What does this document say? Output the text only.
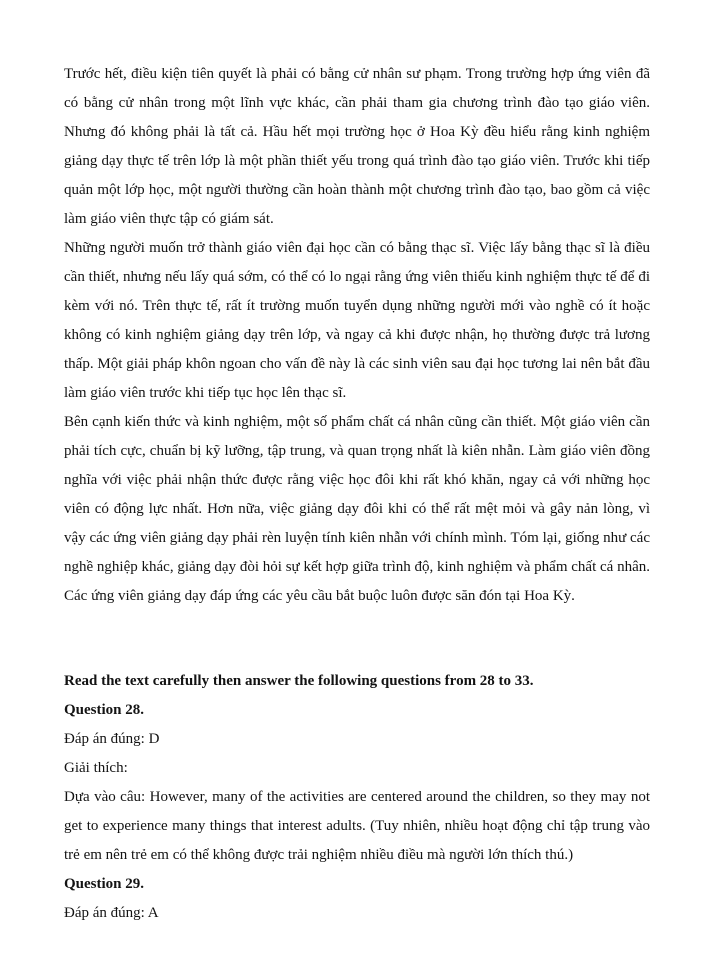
Trước hết, điều kiện tiên quyết là phải có bằng cử nhân sư phạm. Trong trường hợp ứng viên đã có bằng cử nhân trong một lĩnh vực khác, cần phải tham gia chương trình đào tạo giáo viên. Nhưng đó không phải là tất cả. Hầu hết mọi trường học ở Hoa Kỳ đều hiểu rằng kinh nghiệm giảng dạy thực tế trên lớp là một phần thiết yếu trong quá trình đào tạo giáo viên. Trước khi tiếp quản một lớp học, một người thường cần hoàn thành một chương trình đào tạo, bao gồm cả việc làm giáo viên thực tập có giám sát.

Những người muốn trở thành giáo viên đại học cần có bằng thạc sĩ. Việc lấy bằng thạc sĩ là điều cần thiết, nhưng nếu lấy quá sớm, có thể có lo ngại rằng ứng viên thiếu kinh nghiệm thực tế để đi kèm với nó. Trên thực tế, rất ít trường muốn tuyển dụng những người mới vào nghề có ít hoặc không có kinh nghiệm giảng dạy trên lớp, và ngay cả khi được nhận, họ thường được trả lương thấp. Một giải pháp khôn ngoan cho vấn đề này là các sinh viên sau đại học tương lai nên bắt đầu làm giáo viên trước khi tiếp tục học lên thạc sĩ.

Bên cạnh kiến thức và kinh nghiệm, một số phẩm chất cá nhân cũng cần thiết. Một giáo viên cần phải tích cực, chuẩn bị kỹ lưỡng, tập trung, và quan trọng nhất là kiên nhẫn. Làm giáo viên đồng nghĩa với việc phải nhận thức được rằng việc học đôi khi rất khó khăn, ngay cả với những học viên có động lực nhất. Hơn nữa, việc giảng dạy đôi khi có thể rất mệt mỏi và gây nản lòng, vì vậy các ứng viên giảng dạy phải rèn luyện tính kiên nhẫn với chính mình. Tóm lại, giống như các nghề nghiệp khác, giảng dạy đòi hỏi sự kết hợp giữa trình độ, kinh nghiệm và phẩm chất cá nhân. Các ứng viên giảng dạy đáp ứng các yêu cầu bắt buộc luôn được săn đón tại Hoa Kỳ.

Read the text carefully then answer the following questions from 28 to 33.

Question 28.

Đáp án đúng: D

Giải thích:

Dựa vào câu: However, many of the activities are centered around the children, so they may not get to experience many things that interest adults. (Tuy nhiên, nhiều hoạt động chỉ tập trung vào trẻ em nên trẻ em có thể không được trải nghiệm nhiều điều mà người lớn thích thú.)

Question 29.

Đáp án đúng: A
